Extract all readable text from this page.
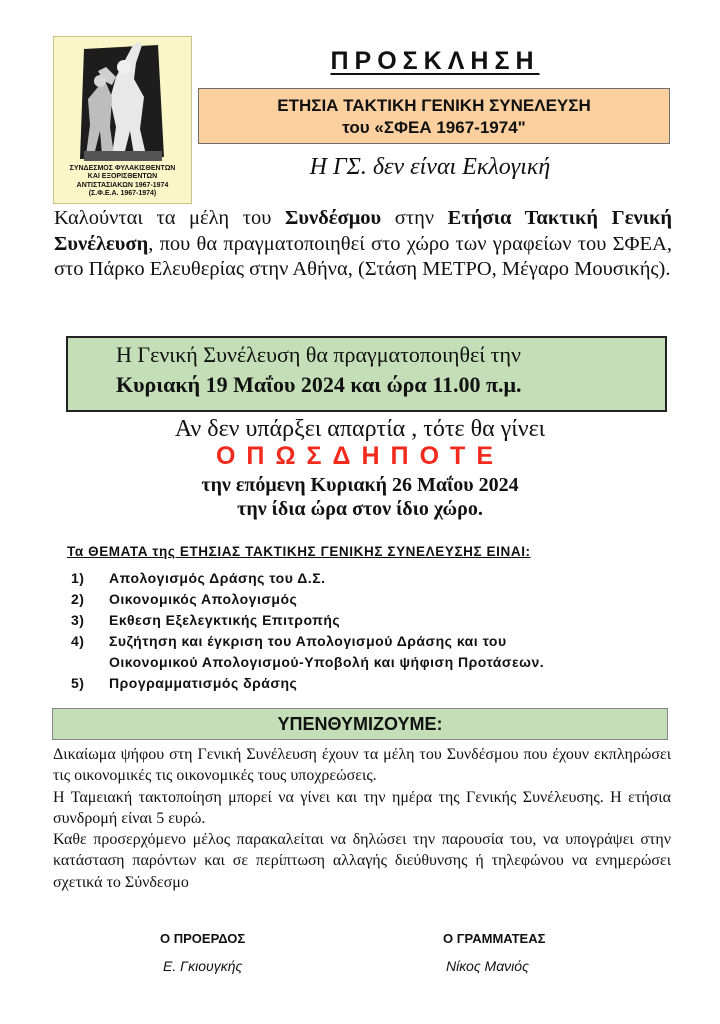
ΣΥΝΔΕΣΜΟΣ ΦΥΛΑΚΙΣΘΕΝΤΩΝ
ΚΑΙ ΕΞΟΡΙΣΘΕΝΤΩΝ
ΑΝΤΙΣΤΑΣΙΑΚΩΝ 1967-1974
(Σ.Φ.Ε.Α. 1967-1974)
ΠΡΟΣΚΛΗΣΗ
ΕΤΗΣΙΑ ΤΑΚΤΙΚΗ ΓΕΝΙΚΗ ΣΥΝΕΛΕΥΣΗ
του «ΣΦΕΑ 1967-1974"
Η ΓΣ. δεν είναι Εκλογική

Καλούνται τα μέλη του Συνδέσμου στην Ετήσια Τακτική Γενική Συνέλευση, που θα πραγματοποιηθεί στο χώρο των γραφείων του ΣΦΕΑ, στο Πάρκο Ελευθερίας στην Αθήνα, (Στάση ΜΕΤΡΟ, Μέγαρο Μουσικής).

Η Γενική Συνέλευση θα πραγματοποιηθεί την
Κυριακή 19 Μαΐου 2024 και ώρα 11.00 π.μ.
Αν δεν υπάρξει απαρτία , τότε θα γίνει
ΟΠΩΣΔΗΠΟΤΕ
την επόμενη Κυριακή 26 Μαΐου 2024
την ίδια ώρα στον ίδιο χώρο.
Τα ΘΕΜΑΤΑ της ΕΤΗΣΙΑΣ ΤΑΚΤΙΚΗΣ ΓΕΝΙΚΗΣ ΣΥΝΕΛΕΥΣΗΣ ΕΙΝΑΙ:
1) Απολογισμός Δράσης του Δ.Σ.
2) Οικονομικός Απολογισμός
3) Εκθεση Εξελεγκτικής Επιτροπής
4) Συζήτηση και έγκριση του Απολογισμού Δράσης και του
Οικονομικού Απολογισμού-Υποβολή και ψήφιση Προτάσεων.
5) Προγραμματισμός δράσης
ΥΠΕΝΘΥΜΙΖΟΥΜΕ:

Δικαίωμα ψήφου στη Γενική Συνέλευση έχουν τα μέλη του Συνδέσμου που έχουν εκπληρώσει τις οικονομικές τις οικονομικές τους υποχρεώσεις.

Η Ταμειακή τακτοποίηση μπορεί να γίνει και την ημέρα της Γενικής Συνέλευσης. Η ετήσια συνδρομή είναι 5 ευρώ.

Καθε προσερχόμενο μέλος παρακαλείται να δηλώσει την παρουσία του, να υπογράψει στην κατάσταση παρόντων και σε περίπτωση αλλαγής διεύθυνσης ή τηλεφώνου να ενημερώσει σχετικά το Σύνδεσμο

Ο ΠΡΟΕΡΔΟΣ
Ε. Γκιουγκής
Ο ΓΡΑΜΜΑΤΕΑΣ
Νίκος Μανιός
